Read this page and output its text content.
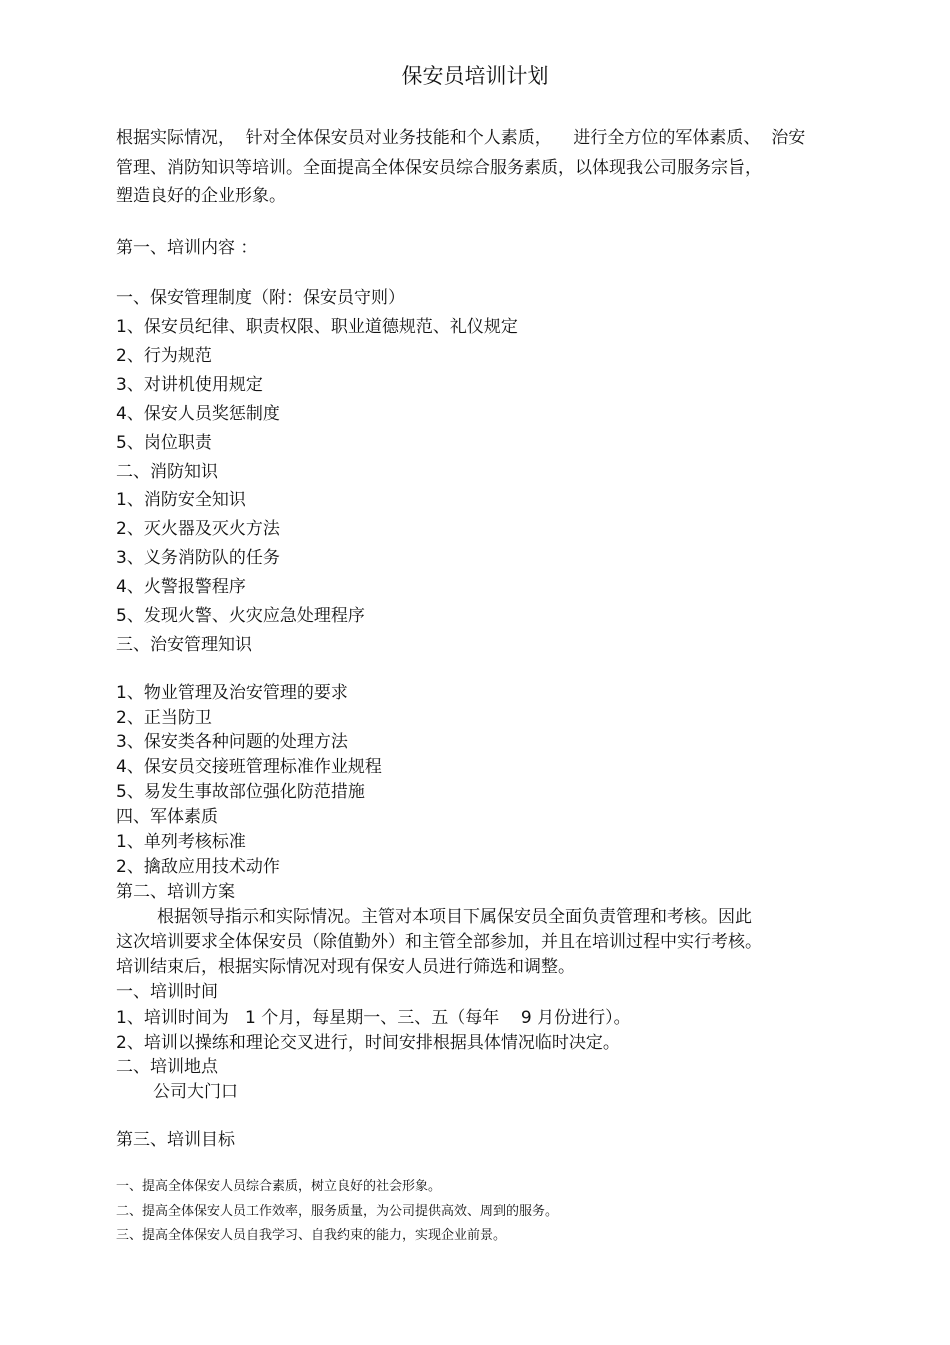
保安员培训计划
根据实际情况，  针对全体保安员对业务技能和个人素质，    进行全方位的军体素质、  治安
管理、消防知识等培训。全面提高全体保安员综合服务素质，以体现我公司服务宗旨，
塑造良好的企业形象。
第一、培训内容 ：
一、保安管理制度（附：保安员守则）
1、保安员纪律、职责权限、职业道德规范、礼仪规定
2、行为规范
3、对讲机使用规定
4、保安人员奖惩制度
5、岗位职责
二、消防知识
1、消防安全知识
2、灭火器及灭火方法
3、义务消防队的任务
4、火警报警程序
5、发现火警、火灾应急处理程序
三、治安管理知识
1、物业管理及治安管理的要求
2、正当防卫
3、保安类各种问题的处理方法
4、保安员交接班管理标准作业规程
5、易发生事故部位强化防范措施
四、军体素质
1、单列考核标准
2、擒敌应用技术动作
第二、培训方案
根据领导指示和实际情况。主管对本项目下属保安员全面负责管理和考核。因此
这次培训要求全体保安员（除值勤外）和主管全部参加，并且在培训过程中实行考核。
培训结束后，根据实际情况对现有保安人员进行筛选和调整。
一、培训时间
1、培训时间为   1 个月，每星期一、三、五（每年    9 月份进行）。
2、培训以操练和理论交叉进行，时间安排根据具体情况临时决定。
二、培训地点
公司大门口
第三、培训目标
一、提高全体保安人员综合素质，树立良好的社会形象。
二、提高全体保安人员工作效率，服务质量，为公司提供高效、周到的服务。
三、提高全体保安人员自我学习、自我约束的能力，实现企业前景。
